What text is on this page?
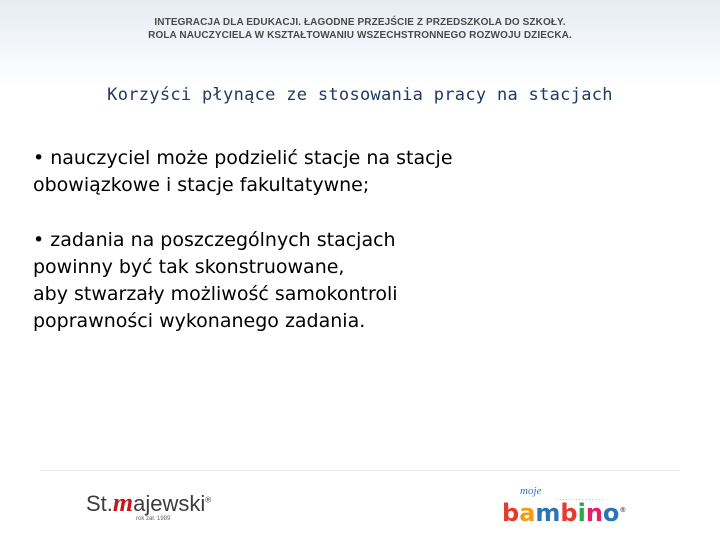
INTEGRACJA DLA EDUKACJI. ŁAGODNE PRZEJŚCIE Z PRZEDSZKOLA DO SZKOŁY.
ROLA NAUCZYCIELA W KSZTAŁTOWANIU WSZECHSTRONNEGO ROZWOJU DZIECKA.
Korzyści płynące ze stosowania pracy na stacjach
• nauczyciel może podzielić stacje na stacje
obowiązkowe i stacje fakultatywne;
• zadania na poszczególnych stacjach
powinny być tak skonstruowane,
aby stwarzały możliwość samokontroli
poprawności wykonanego zadania.
St.majewski®
rok zał. 1989
moje
...............
bambino®
